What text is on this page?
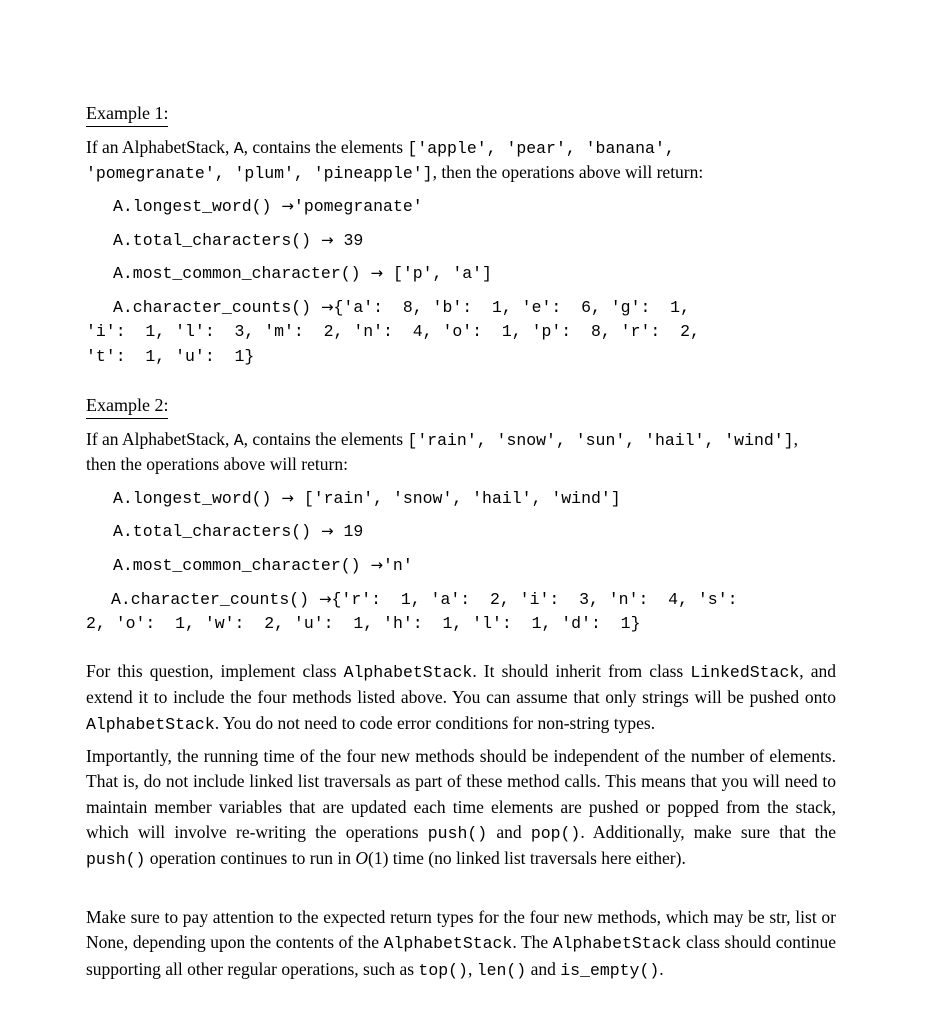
Example 1:
If an AlphabetStack, A, contains the elements ['apple', 'pear', 'banana',
'pomegranate', 'plum', 'pineapple'], then the operations above will return:
A.longest_word() →'pomegranate'
A.total_characters() → 39
A.most_common_character() → ['p', 'a']
A.character_counts() →{'a':  8, 'b':  1, 'e':  6, 'g':  1,
'i':  1, 'l':  3, 'm':  2, 'n':  4, 'o':  1, 'p':  8, 'r':  2,
't':  1, 'u':  1}
Example 2:
If an AlphabetStack, A, contains the elements ['rain', 'snow', 'sun', 'hail', 'wind'],
then the operations above will return:
A.longest_word() → ['rain', 'snow', 'hail', 'wind']
A.total_characters() → 19
A.most_common_character() →'n'
A.character_counts() →{'r':  1, 'a':  2, 'i':  3, 'n':  4, 's':
2, 'o':  1, 'w':  2, 'u':  1, 'h':  1, 'l':  1, 'd':  1}

For this question, implement class AlphabetStack. It should inherit from class LinkedStack, and extend it to include the four methods listed above. You can assume that only strings will be pushed onto AlphabetStack. You do not need to code error conditions for non-string types.

Importantly, the running time of the four new methods should be independent of the number of elements. That is, do not include linked list traversals as part of these method calls. This means that you will need to maintain member variables that are updated each time elements are pushed or popped from the stack, which will involve re-writing the operations push() and pop(). Additionally, make sure that the push() operation continues to run in O(1) time (no linked list traversals here either).

Make sure to pay attention to the expected return types for the four new methods, which may be str, list or None, depending upon the contents of the AlphabetStack. The AlphabetStack class should continue supporting all other regular operations, such as top(), len() and is_empty().
